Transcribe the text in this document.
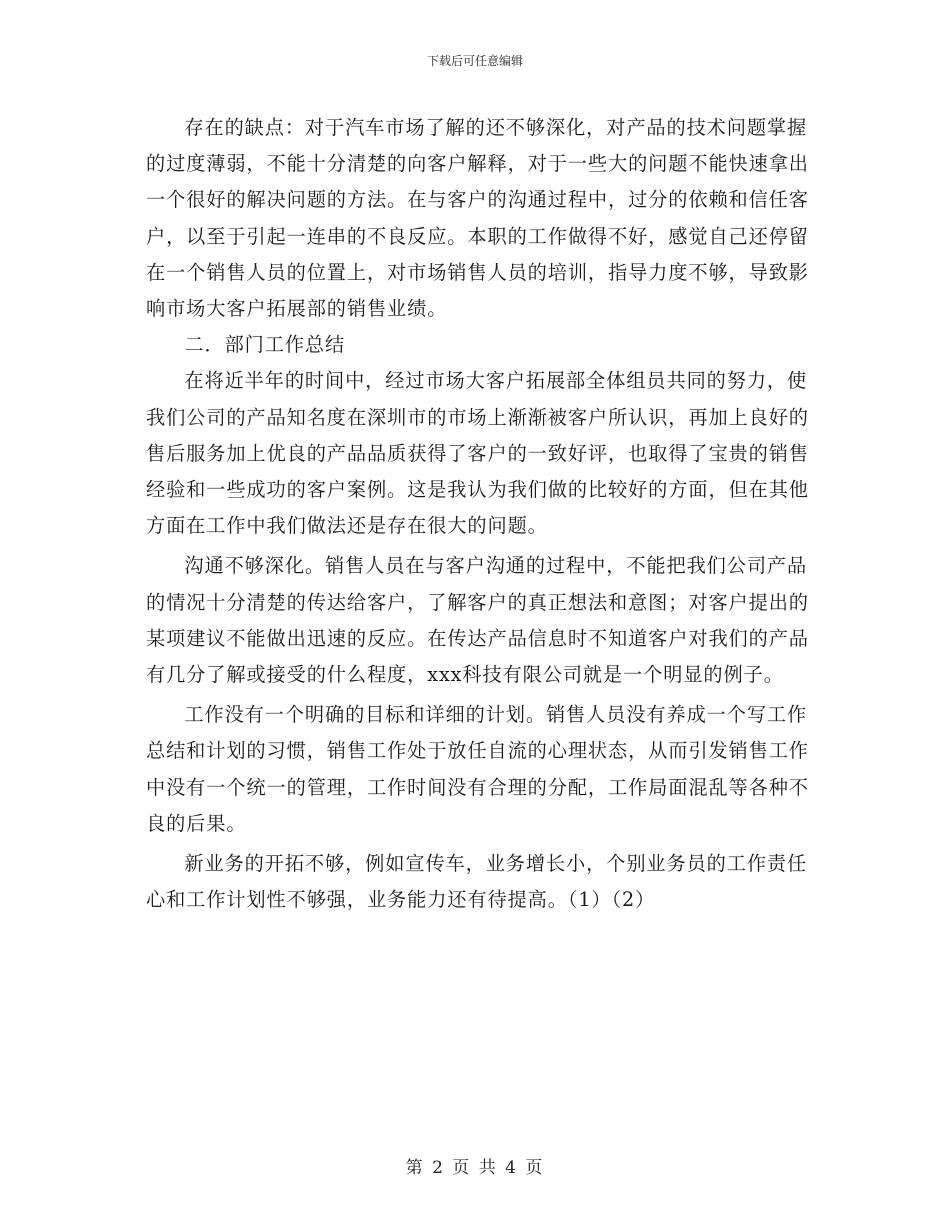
下载后可任意编辑

存在的缺点：对于汽车市场了解的还不够深化，对产品的技术问题掌握的过度薄弱，不能十分清楚的向客户解释，对于一些大的问题不能快速拿出一个很好的解决问题的方法。在与客户的沟通过程中，过分的依赖和信任客户，以至于引起一连串的不良反应。本职的工作做得不好，感觉自己还停留在一个销售人员的位置上，对市场销售人员的培训，指导力度不够，导致影响市场大客户拓展部的销售业绩。

二．部门工作总结

在将近半年的时间中，经过市场大客户拓展部全体组员共同的努力，使我们公司的产品知名度在深圳市的市场上渐渐被客户所认识，再加上良好的售后服务加上优良的产品品质获得了客户的一致好评，也取得了宝贵的销售经验和一些成功的客户案例。这是我认为我们做的比较好的方面，但在其他方面在工作中我们做法还是存在很大的问题。

沟通不够深化。销售人员在与客户沟通的过程中，不能把我们公司产品的情况十分清楚的传达给客户，了解客户的真正想法和意图；对客户提出的某项建议不能做出迅速的反应。在传达产品信息时不知道客户对我们的产品有几分了解或接受的什么程度，xxx科技有限公司就是一个明显的例子。

工作没有一个明确的目标和详细的计划。销售人员没有养成一个写工作总结和计划的习惯，销售工作处于放任自流的心理状态，从而引发销售工作中没有一个统一的管理，工作时间没有合理的分配，工作局面混乱等各种不良的后果。

新业务的开拓不够，例如宣传车，业务增长小，个别业务员的工作责任心和工作计划性不够强，业务能力还有待提高。（1）（2）

第 2 页 共 4 页
